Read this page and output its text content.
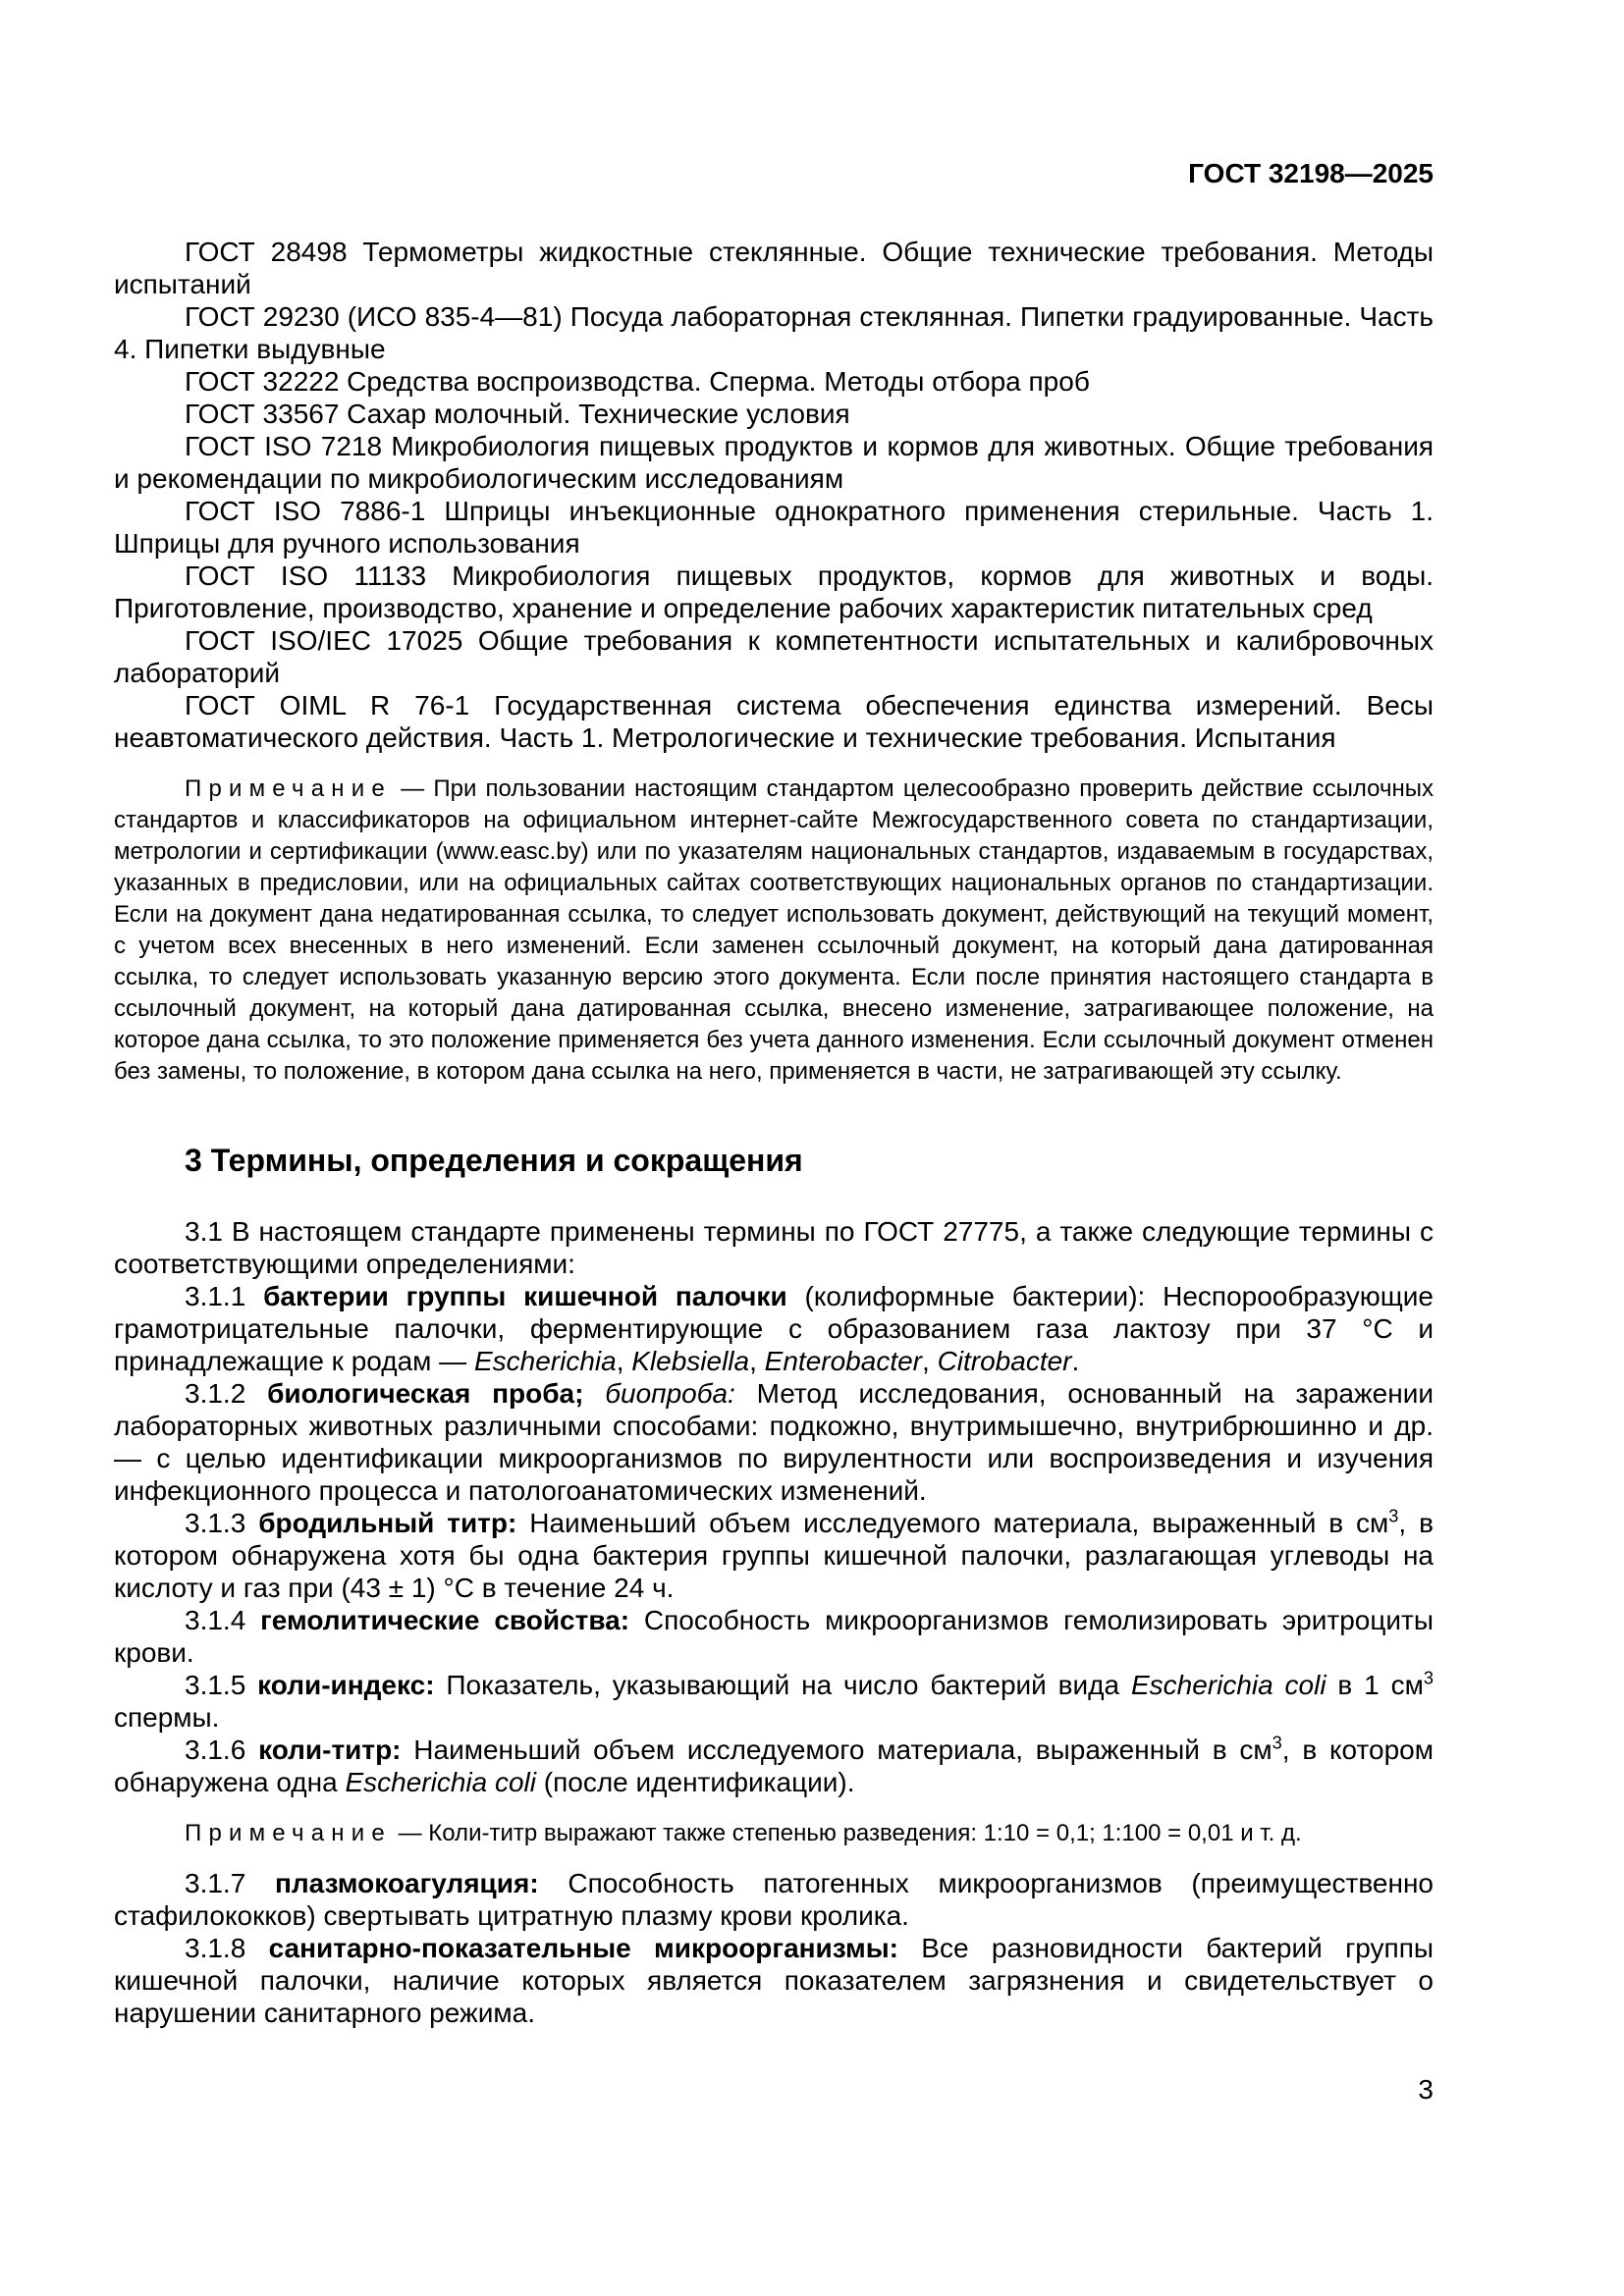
ГОСТ 32198—2025

ГОСТ 28498 Термометры жидкостные стеклянные. Общие технические требования. Методы испытаний

ГОСТ 29230 (ИСО 835-4—81) Посуда лабораторная стеклянная. Пипетки градуированные. Часть 4. Пипетки выдувные

ГОСТ 32222 Средства воспроизводства. Сперма. Методы отбора проб

ГОСТ 33567 Сахар молочный. Технические условия

ГОСТ ISO 7218 Микробиология пищевых продуктов и кормов для животных. Общие требования и рекомендации по микробиологическим исследованиям

ГОСТ ISO 7886-1 Шприцы инъекционные однократного применения стерильные. Часть 1. Шприцы для ручного использования

ГОСТ ISO 11133 Микробиология пищевых продуктов, кормов для животных и воды. Приготовление, производство, хранение и определение рабочих характеристик питательных сред

ГОСТ ISO/IEC 17025 Общие требования к компетентности испытательных и калибровочных лабораторий

ГОСТ OIML R 76-1 Государственная система обеспечения единства измерений. Весы неавтоматического действия. Часть 1. Метрологические и технические требования. Испытания

Примечание — При пользовании настоящим стандартом целесообразно проверить действие ссылочных стандартов и классификаторов на официальном интернет-сайте Межгосударственного совета по стандартизации, метрологии и сертификации (www.easc.by) или по указателям национальных стандартов, издаваемым в государствах, указанных в предисловии, или на официальных сайтах соответствующих национальных органов по стандартизации. Если на документ дана недатированная ссылка, то следует использовать документ, действующий на текущий момент, с учетом всех внесенных в него изменений. Если заменен ссылочный документ, на который дана датированная ссылка, то следует использовать указанную версию этого документа. Если после принятия настоящего стандарта в ссылочный документ, на который дана датированная ссылка, внесено изменение, затрагивающее положение, на которое дана ссылка, то это положение применяется без учета данного изменения. Если ссылочный документ отменен без замены, то положение, в котором дана ссылка на него, применяется в части, не затрагивающей эту ссылку.

3 Термины, определения и сокращения

3.1 В настоящем стандарте применены термины по ГОСТ 27775, а также следующие термины с соответствующими определениями:

3.1.1 бактерии группы кишечной палочки (колиформные бактерии): Неспорообразующие грамотрицательные палочки, ферментирующие с образованием газа лактозу при 37 °С и принадлежащие к родам — Escherichia, Klebsiella, Enterobacter, Citrobacter.

3.1.2 биологическая проба; биопроба: Метод исследования, основанный на заражении лабораторных животных различными способами: подкожно, внутримышечно, внутрибрюшинно и др. — с целью идентификации микроорганизмов по вирулентности или воспроизведения и изучения инфекционного процесса и патологоанатомических изменений.

3.1.3 бродильный титр: Наименьший объем исследуемого материала, выраженный в $см^3$, в котором обнаружена хотя бы одна бактерия группы кишечной палочки, разлагающая углеводы на кислоту и газ при (43 ± 1) °С в течение 24 ч.

3.1.4 гемолитические свойства: Способность микроорганизмов гемолизировать эритроциты крови.

3.1.5 коли-индекс: Показатель, указывающий на число бактерий вида Escherichia coli в 1 $см^3$ спермы.

3.1.6 коли-титр: Наименьший объем исследуемого материала, выраженный в $см^3$, в котором обнаружена одна Escherichia coli (после идентификации).

Примечание — Коли-титр выражают также степенью разведения: 1:10 = 0,1; 1:100 = 0,01 и т. д.

3.1.7 плазмокоагуляция: Способность патогенных микроорганизмов (преимущественно стафилококков) свертывать цитратную плазму крови кролика.

3.1.8 санитарно-показательные микроорганизмы: Все разновидности бактерий группы кишечной палочки, наличие которых является показателем загрязнения и свидетельствует о нарушении санитарного режима.

3
